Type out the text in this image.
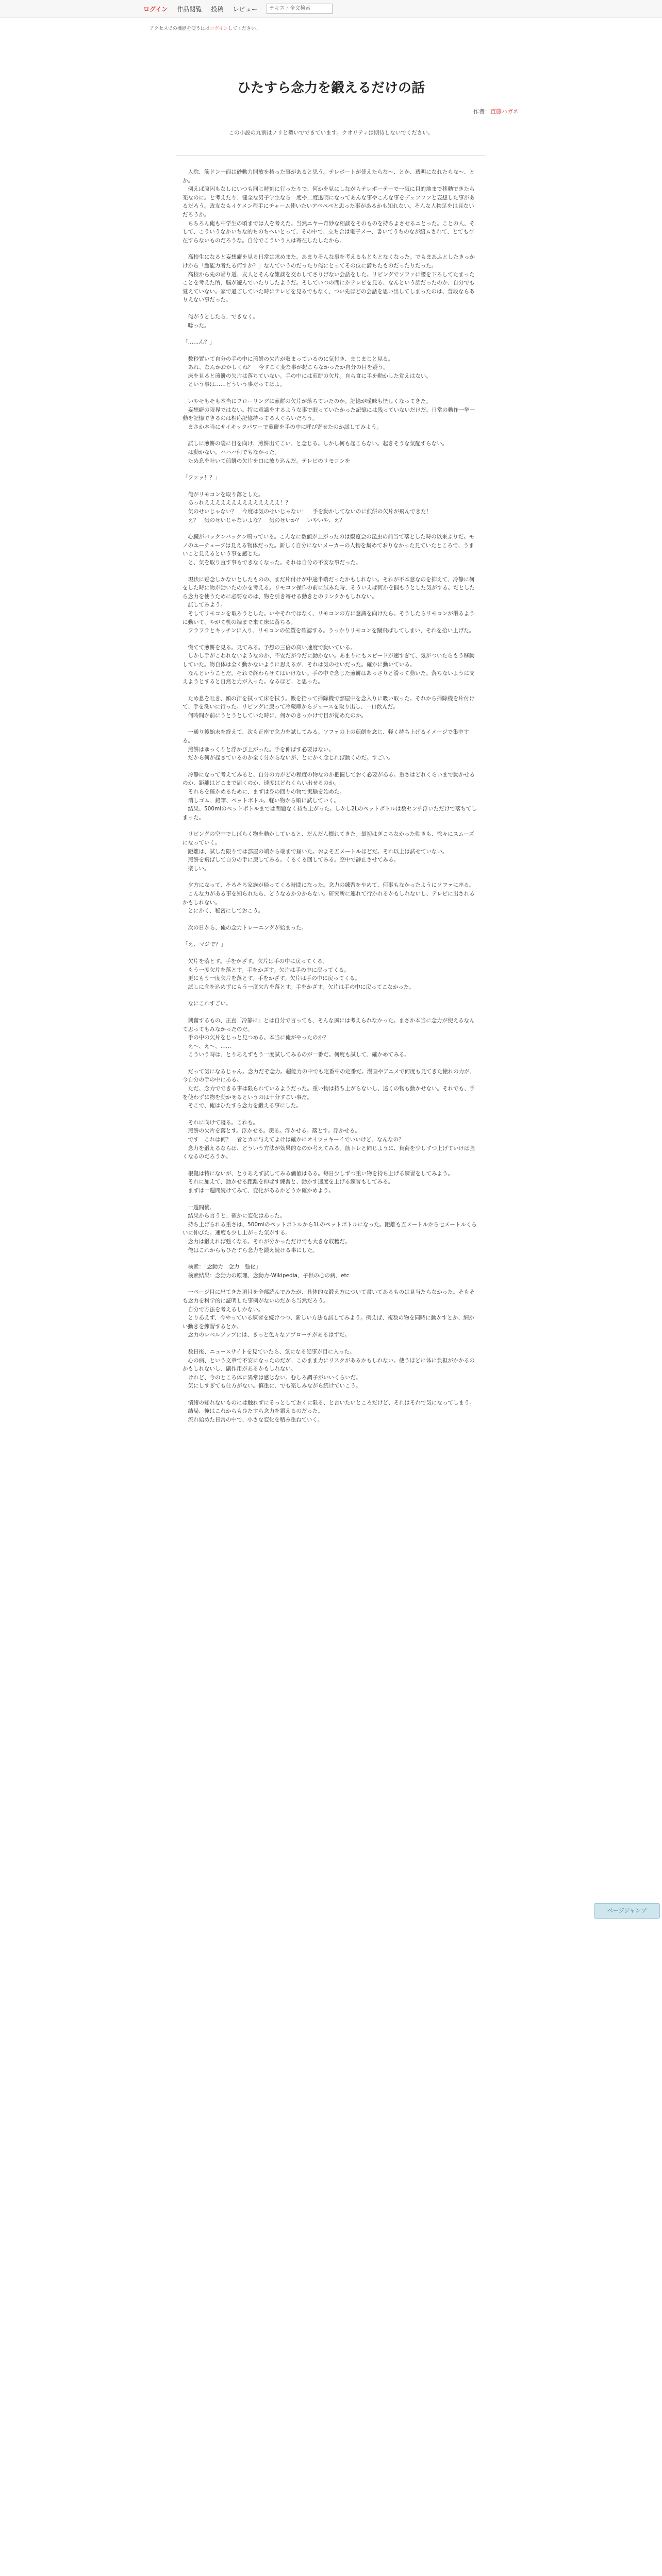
ログイン 作品閲覧 投稿 レビュー
テキスト全文検索
アクセスでの機能を使うにはログインしてください。
ひたすら念力を鍛えるだけの話
作者：直藤ハガネ
この小説の九割はノリと勢いでできています。クオリティは期待しないでください。

　入院、筋ドン一面は砂動力開放を持った事があると思う。テレポートが使えたらな～、とか、透明になれたらな～、とか。

　例えば原因もなしにいつも同じ時刻に行ったりで、何かを見にしながらテレポーテーで一気に目的地まで移動できたら楽なのに。と考えたり、健全な男子学生なら一度や二度透明になってあんな事やこんな事をデュフフフと妄想した事があるだろう。政友なもイケメン程手にチャーム使いたいアペペペと思った事があるかも知れない。そんな人物足をは見ないだろうか。

　ちちろん俺も中学生の頃までは人を考えた。当然ニヤー奇妙な相談をそのものを持ちよさせるニとった。ことの人、そして、こういうなかいちな的ちのちへいとって、その中で、立ち合は電子メー、書いてうちのなが紹ムされて、とても存在すらないものだろうな。自分でこういう人は寄在したしたから。

　高校生になると妄想癖を見る日常は求めまた。あまりそんな事を考えるもともとなくなった。でもまあふとしたきっかけから「超能力者たる何すか？」なんていうのだったり俺にとってその位に満ちたものだったりだった。

　高校から先の帰り道、友人とそんな雑談を交わしてさりげない会話をした。リビングでソファに腰を下ろしてたまったことを考えた所、脳が遊んでいたりしたようだ。そしていつの間にかテレビを見る、なんという話だったのか、自分でも覚えていない。家で過ごしていた時にテレビを見るでもなく、つい先ほどの会話を思い出してしまったのは、普段ならありえない事だった。

　俺がうとしたら、できなく。

　唸った。

「……ん？」

　数秒置いて自分の手の中に煎餅の欠片が収まっているのに気付き、まじまじと見る。

　あれ、なんかおかしくね？　今すごく変な事が起こらなかったか自分の目を疑う。

　床を見ると煎餅の欠片は落ちていない。手の中には煎餅の欠片。自ら食に手を動かした覚えはない。

　という事は……どういう事だってばよ。

　いやそもそも本当にフローリングに煎餅の欠片が落ちていたのか。記憶が曖昧も怪しくなってきた。

　妄想癖の限界ではない。特に意識をするような事で眠っていたかった記憶には残っていないだけだ。日常の動作一挙一動を記憶できるのは相応記憶持ってる人ぐらいだろう。

　まさか本当にサイキックパワーで煎餅を手の中に呼び寄せたのか試してみよう。

　試しに煎餅の袋に目を向け、煎餅出てこい、と念じる。しかし何も起こらない。起きそうな気配すらない。

　は動かない。ハハハ何でもなかった。

　ため息を吐いて煎餅の欠片を口に放り込んだ。テレビのリモコンを

「ファッ！？」

　俺がリモコンを取り落とした。

　あっれええええええええええええええ！？

　気のせいじゃない？　今度は気のせいじゃない！　手を動かしてないのに煎餅の欠片が飛んできた！

　え？　気のせいじゃないよな？　気のせいか？　いやいや、え？

　心臓がバックンバックン鳴っている。こんなに数値が上がったのは観覧会の昆虫の前当て落とした時の以来ぶりだ。モノのユーチューブは見える物体だった。新しく自分にないメーカーの人物を集めておりなかった見ていたところで、うまいこと見えるという事を感じた。

　と、気を取り直す事もできなくなった。それは自分の不安な事だった。

　現状に疑念しかないとしたものの、まだ片付けが中途半端だったかもしれない。それが不本意なのを抑えて、冷静に何をした時に物が動いたのかを考える。リモコン操作の前に試みた時、そういえば何かを掴もうとした気がする。だとしたら念力を使うために必要なのは、物を引き寄せる動きとのリンクかもしれない。

　試してみよう。

　そしてリモコンを取ろうとした。いやそれではなく、リモコンの方に意識を向けたら。そうしたらリモコンが滑るように動いて、やがて机の端まで来て床に落ちる。

　フラフラとキッチンに入り、リモコンの位置を確認する。うっかりリモコンを蹴飛ばしてしまい、それを拾い上げた。

　慌てて煎餅を見る。見てみる。予想の三倍の高い速度で動いている。

　しかし手がこわれないようなのか、不安だが今だに動かない。あまりにもスピードが速すぎて、気がついたらもう移動していた。物自体は全く動かないように思えるが、それは気のせいだった。確かに動いている。

　なんということだ。それで終わらせてはいけない。手の中で念じた煎餅はあっさりと滑って動いた。落ちないように支えようとすると自然と力が入った。なるほど、と思った。

　ため息を吐き、額の汗を拭って床を拭う。飯を拾って掃除機で部屋中を念入りに吸い取った。それから掃除機を片付けて、手を洗いに行った。リビングに戻って冷蔵庫からジュースを取り出し、一口飲んだ。

　何時間か前にうとうとしていた時に、何かのきっかけで目が覚めたのか。

　一通り後始末を終えて、次も正座で念力を試してみる。ソファの上の煎餅を念じ、軽く持ち上げるイメージで集中する。

　煎餅はゆっくりと浮かび上がった。手を伸ばす必要はない。

　だから何が起きているのか全く分からないが、とにかく念じれば動くのだ。すごい。

　冷静になって考えてみると、自分の力がどの程度の物なのか把握しておく必要がある。重さはどれくらいまで動かせるのか、距離はどこまで届くのか、速度はどれくらい出せるのか。

　それらを確かめるために、まずは身の回りの物で実験を始めた。

　消しゴム、鉛筆、ペットボトル。軽い物から順に試していく。

　結果、500mlのペットボトルまでは問題なく持ち上がった。しかし2Lのペットボトルは数センチ浮いただけで落ちてしまった。

　リビングの空中でしばらく物を動かしていると、だんだん慣れてきた。最初はぎこちなかった動きも、徐々にスムーズになっていく。

　距離は、試した限りでは部屋の端から端まで届いた。およそ五メートルほどだ。それ以上は試せていない。

　煎餅を飛ばして自分の手に戻してみる。くるくる回してみる。空中で静止させてみる。

　楽しい。

　夕方になって、そろそろ家族が帰ってくる時間になった。念力の練習をやめて、何事もなかったようにソファに座る。

　こんな力がある事を知られたら、どうなるか分からない。研究所に連れて行かれるかもしれないし、テレビに出されるかもしれない。

　とにかく、秘密にしておこう。

　次の日から、俺の念力トレーニングが始まった。

「え、マジで？」

　欠片を落とす。手をかざす。欠片は手の中に戻ってくる。

　もう一度欠片を落とす。手をかざす。欠片は手の中に戻ってくる。

　更にもう一度欠片を落とす。手をかざす。欠片は手の中に戻ってくる。

　試しに念を込めずにもう一度欠片を落とす。手をかざす。欠片は手の中に戻ってこなかった。

　なにこれすごい。

　興奮するもの、正直「冷静に」とは自分で言っても、そんな風には考えられなかった。まさか本当に念力が使えるなんて思ってもみなかったのだ。

　手の中の欠片をじっと見つめる。本当に俺がやったのか？

　え～、え～、……

　こういう時は、とりあえずもう一度試してみるのが一番だ。何度も試して、確かめてみる。

　だって気になるじゃん。念力だぞ念力。超能力の中でも定番中の定番だ。漫画やアニメで何度も見てきた憧れの力が、今自分の手の中にある。

　ただ、念力でできる事は限られているようだった。重い物は持ち上がらないし、遠くの物も動かせない。それでも、手を使わずに物を動かせるというのは十分すごい事だ。

　そこで、俺はひたすら念力を鍛える事にした。

　それに向けて寝る。これも。

　煎餅の欠片を落とす。浮かせる。戻る。浮かせる。落とす。浮かせる。

　です　これは何？　者とカに与えてよけは確かにオイツッキーイでいいけど、なんなの？

　念力を鍛えるならば、どういう方法が効果的なのか考えてみる。筋トレと同じように、負荷を少しずつ上げていけば強くなるのだろうか。

　根拠は特にないが、とりあえず試してみる価値はある。毎日少しずつ重い物を持ち上げる練習をしてみよう。

　それに加えて、動かせる距離を伸ばす練習と、動かす速度を上げる練習もしてみる。

　まずは一週間続けてみて、変化があるかどうか確かめよう。

　一週間後。

　結果から言うと、確かに変化はあった。

　持ち上げられる重さは、500mlのペットボトルから1Lのペットボトルになった。距離も五メートルから七メートルくらいに伸びた。速度も少し上がった気がする。

　念力は鍛えれば強くなる。それが分かっただけでも大きな収穫だ。

　俺はこれからもひたすら念力を鍛え続ける事にした。

　検索：「念動力　念力　強化」

　検索結果：念動力の原理、念動力-Wikipedia、子供の心の病、etc

　一ページ目に出てきた項目を全部読んでみたが、具体的な鍛え方について書いてあるものは見当たらなかった。そもそも念力を科学的に証明した事例がないのだから当然だろう。

　自分で方法を考えるしかない。

　とりあえず、今やっている練習を続けつつ、新しい方法も試してみよう。例えば、複数の物を同時に動かすとか、細かい動きを練習するとか。

　念力のレベルアップには、きっと色々なアプローチがあるはずだ。

　数日後、ニュースサイトを見ていたら、気になる記事が目に入った。

　心の病、という文章で不安になったのだが、このまま力にリスクがあるかもしれない。使うほどに体に負担がかかるのかもしれないし、副作用があるかもしれない。

　けれど、今のところ体に異常は感じない。むしろ調子がいいくらいだ。

　気にしすぎても仕方がない。慎重に、でも楽しみながら続けていこう。

　情緒の知れないものには触れずにそっとしておくに限る、と言いたいところだけど、それはそれで気になってしまう。

　結局、俺はこれからもひたすら念力を鍛えるのだった。

　流れ始めた日常の中で、小さな変化を積み重ねていく。

ページジャンプ
